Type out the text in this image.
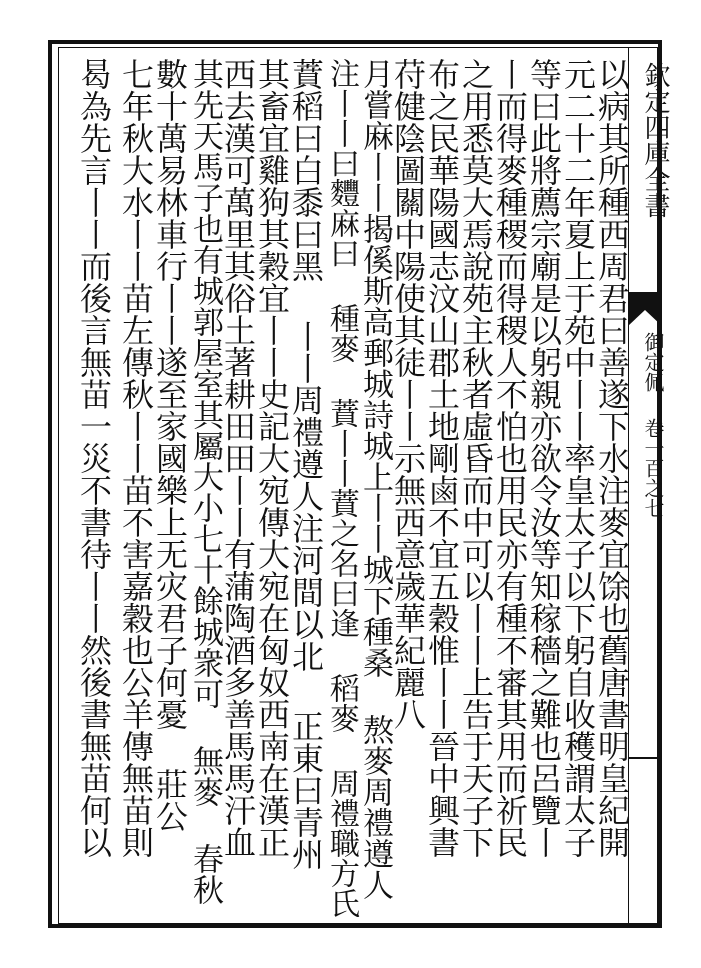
欽定四庫全書
御定佩
卷一百之七
以病其所種西周君曰善遂下水注麥宜馀也舊唐書明皇紀開
元二十二年夏上于苑中丨丨率皇太子以下躬自收穫謂太子
等曰此將薦宗廟是以躬親亦欲令汝等知稼穡之難也呂覽丨
丨而得麥種稷而得稷人不怕也用民亦有種不審其用而祈民
之用悉莫大焉說苑主秋者虛昏而中可以丨丨上告于天子下
布之民華陽國志汶山郡土地剛鹵不宜五穀惟丨丨晉中興書
苻健陰圖關中陽使其徒丨丨示無西意歲華紀麗八
月嘗麻丨丨揭傒斯高郵城詩城上丨丨城下種桑 熬麥周禮遵人
注丨丨曰麷麻曰 種麥 蕡丨丨蕡之名曰逢 稻麥 周禮職方氏
蕡稻曰白黍曰黑 丨丨周禮遵人注河間以北 正東曰青州
其畜宜雞狗其穀宜丨丨史記大宛傳大宛在匈奴西南在漢正
西去漢可萬里其俗土著耕田田丨丨有蒲陶酒多善馬馬汗血
其先天馬子也有城郭屋室其屬大小七十餘城衆可 無麥 春秋
數十萬易林車行丨丨遂至家國樂上无灾君子何憂 莊公
七年秋大水丨丨苗左傳秋丨丨苗不害嘉穀也公羊傳無苗則
曷為先言丨丨而後言無苗一災不書待丨丨然後書無苗何以
